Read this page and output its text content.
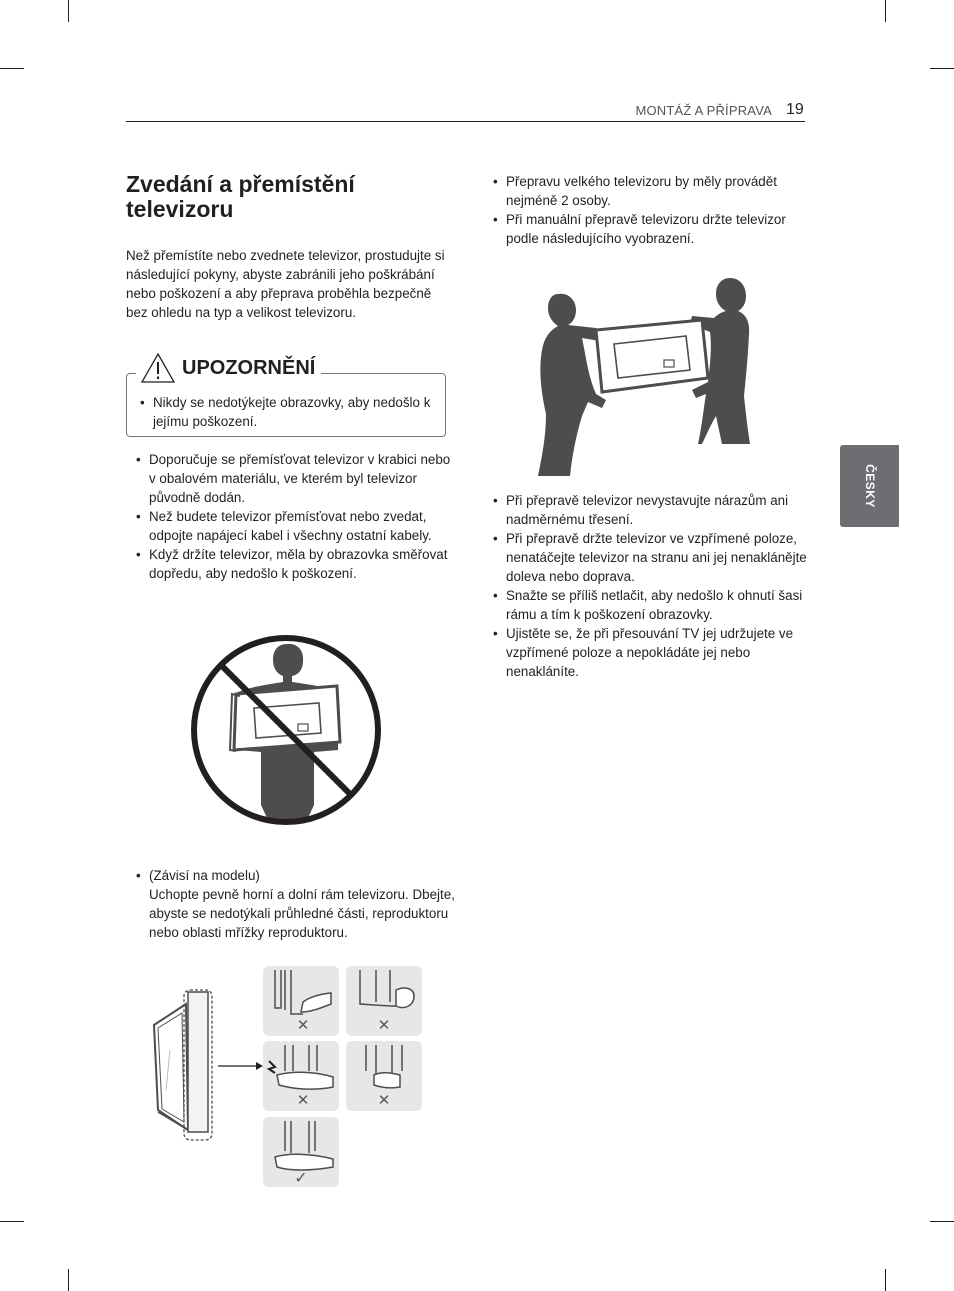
MONTÁŽ A PŘÍPRAVA 19
ČESKY
Zvedání a přemístění televizoru

Než přemístíte nebo zvednete televizor, prostudujte si následující pokyny, abyste zabránili jeho poškrábání nebo poškození a aby přeprava proběhla bezpečně bez ohledu na typ a velikost televizoru.

UPOZORNĚNÍ
• Nikdy se nedotýkejte obrazovky, aby nedošlo k jejímu poškození.
• Doporučuje se přemísťovat televizor v krabici nebo v obalovém materiálu, ve kterém byl televizor původně dodán.
• Než budete televizor přemísťovat nebo zvedat, odpojte napájecí kabel i všechny ostatní kabely.
• Když držíte televizor, měla by obrazovka směřovat dopředu, aby nedošlo k poškození.
• (Závisí na modelu)
Uchopte pevně horní a dolní rám televizoru. Dbejte, abyste se nedotýkali průhledné části, reproduktoru nebo oblasti mřížky reproduktoru.
✕	✕
✕	✕
✓
• Přepravu velkého televizoru by měly provádět nejméně 2 osoby.
• Při manuální přepravě televizoru držte televizor podle následujícího vyobrazení.
• Při přepravě televizor nevystavujte nárazům ani nadměrnému třesení.
• Při přepravě držte televizor ve vzpřímené poloze, nenatáčejte televizor na stranu ani jej nenaklánějte doleva nebo doprava.
• Snažte se příliš netlačit, aby nedošlo k ohnutí šasi rámu a tím k poškození obrazovky.
• Ujistěte se, že při přesouvání TV jej udržujete ve vzpřímené poloze a nepokládáte jej nebo nenakláníte.
